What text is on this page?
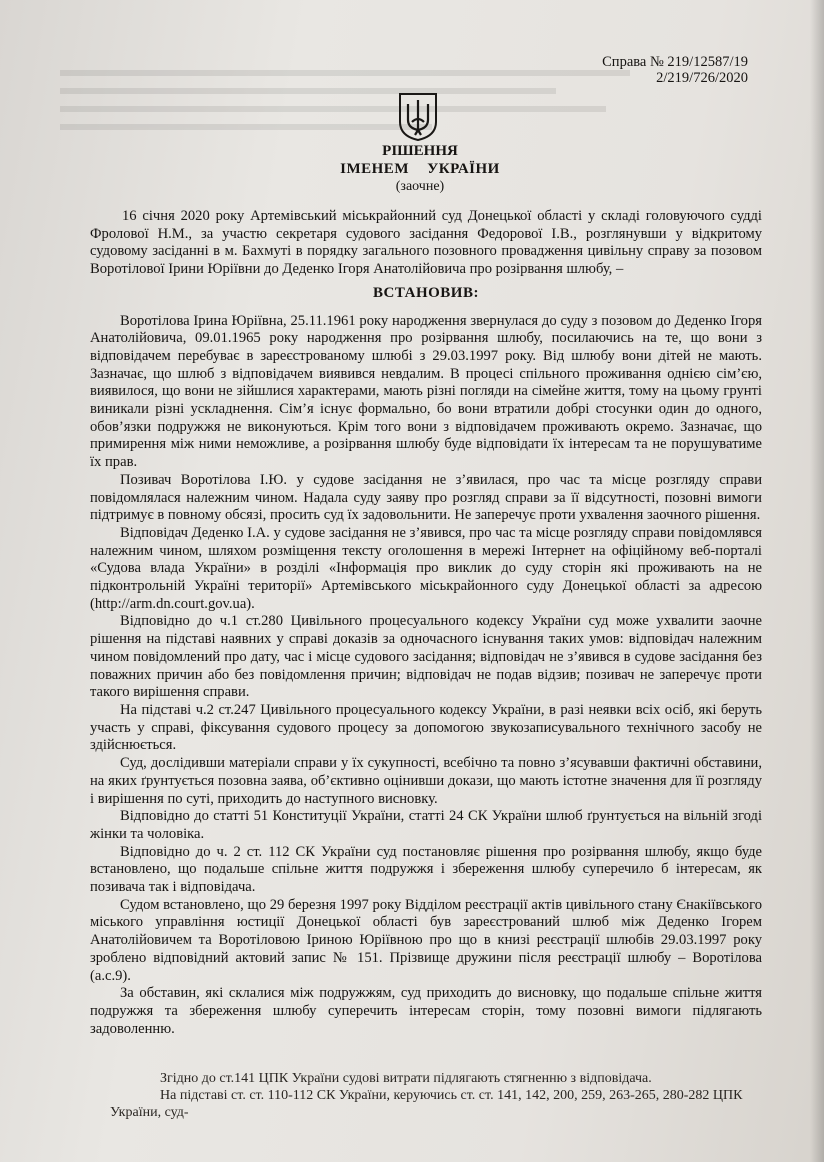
Справа № 219/12587/19
2/219/726/2020
РІШЕННЯ
ІМЕНЕМ УКРАЇНИ
(заочне)

16 січня 2020 року Артемівський міськрайонний суд Донецької області у складі головуючого судді Фролової Н.М., за участю секретаря судового засідання Федорової І.В., розглянувши у відкритому судовому засіданні в м. Бахмуті в порядку загального позовного провадження цивільну справу за позовом Воротілової Ірини Юріївни до Деденко Ігоря Анатолійовича про розірвання шлюбу, –

ВСТАНОВИВ:

Воротілова Ірина Юріївна, 25.11.1961 року народження звернулася до суду з позовом до Деденко Ігоря Анатолійовича, 09.01.1965 року народження про розірвання шлюбу, посилаючись на те, що вони з відповідачем перебуває в зареєстрованому шлюбі з 29.03.1997 року. Від шлюбу вони дітей не мають. Зазначає, що шлюб з відповідачем виявився невдалим. В процесі спільного проживання однією сім’єю, виявилося, що вони не зійшлися характерами, мають різні погляди на сімейне життя, тому на цьому грунті виникали різні ускладнення. Сім’я існує формально, бо вони втратили добрі стосунки один до одного, обов’язки подружжя не виконуються. Крім того вони з відповідачем проживають окремо. Зазначає, що примирення між ними неможливе, а розірвання шлюбу буде відповідати їх інтересам та не порушуватиме їх прав.

Позивач Воротілова І.Ю. у судове засідання не з’явилася, про час та місце розгляду справи повідомлялася належним чином. Надала суду заяву про розгляд справи за її відсутності, позовні вимоги підтримує в повному обсязі, просить суд їх задовольнити. Не заперечує проти ухвалення заочного рішення.

Відповідач Деденко І.А. у судове засідання не з’явився, про час та місце розгляду справи повідомлявся належним чином, шляхом розміщення тексту оголошення в мережі Інтернет на офіційному веб-порталі «Судова влада України» в розділі «Інформація про виклик до суду сторін які проживають на не підконтрольній Україні території» Артемівського міськрайонного суду Донецької області за адресою (http://arm.dn.court.gov.ua).

Відповідно до ч.1 ст.280 Цивільного процесуального кодексу України суд може ухвалити заочне рішення на підставі наявних у справі доказів за одночасного існування таких умов: відповідач належним чином повідомлений про дату, час і місце судового засідання; відповідач не з’явився в судове засідання без поважних причин або без повідомлення причин; відповідач не подав відзив; позивач не заперечує проти такого вирішення справи.

На підставі ч.2 ст.247 Цивільного процесуального кодексу України, в разі неявки всіх осіб, які беруть участь у справі, фіксування судового процесу за допомогою звукозаписувального технічного засобу не здійснюється.

Суд, дослідивши матеріали справи у їх сукупності, всебічно та повно з’ясувавши фактичні обставини, на яких ґрунтується позовна заява, об’єктивно оцінивши докази, що мають істотне значення для її розгляду і вирішення по суті, приходить до наступного висновку.

Відповідно до статті 51 Конституції України, статті 24 СК України шлюб ґрунтується на вільній згоді жінки та чоловіка.

Відповідно до ч. 2 ст. 112 СК України суд постановляє рішення про розірвання шлюбу, якщо буде встановлено, що подальше спільне життя подружжя і збереження шлюбу суперечило б інтересам, як позивача так і відповідача.

Судом встановлено, що 29 березня 1997 року Відділом реєстрації актів цивільного стану Єнакіївського міського управління юстиції Донецької області був зареєстрований шлюб між Деденко Ігорем Анатолійовичем та Воротіловою Іриною Юріївною про що в книзі реєстрації шлюбів 29.03.1997 року зроблено відповідний актовий запис № 151. Прізвище дружини після реєстрації шлюбу – Воротілова (а.с.9).

За обставин, які склалися між подружжям, суд приходить до висновку, що подальше спільне життя подружжя та збереження шлюбу суперечить інтересам сторін, тому позовні вимоги підлягають задоволенню.

Згідно до ст.141 ЦПК України судові витрати підлягають стягненню з відповідача.

На підставі ст. ст. 110-112 СК України, керуючись ст. ст. 141, 142, 200, 259, 263-265, 280-282 ЦПК України, суд-
